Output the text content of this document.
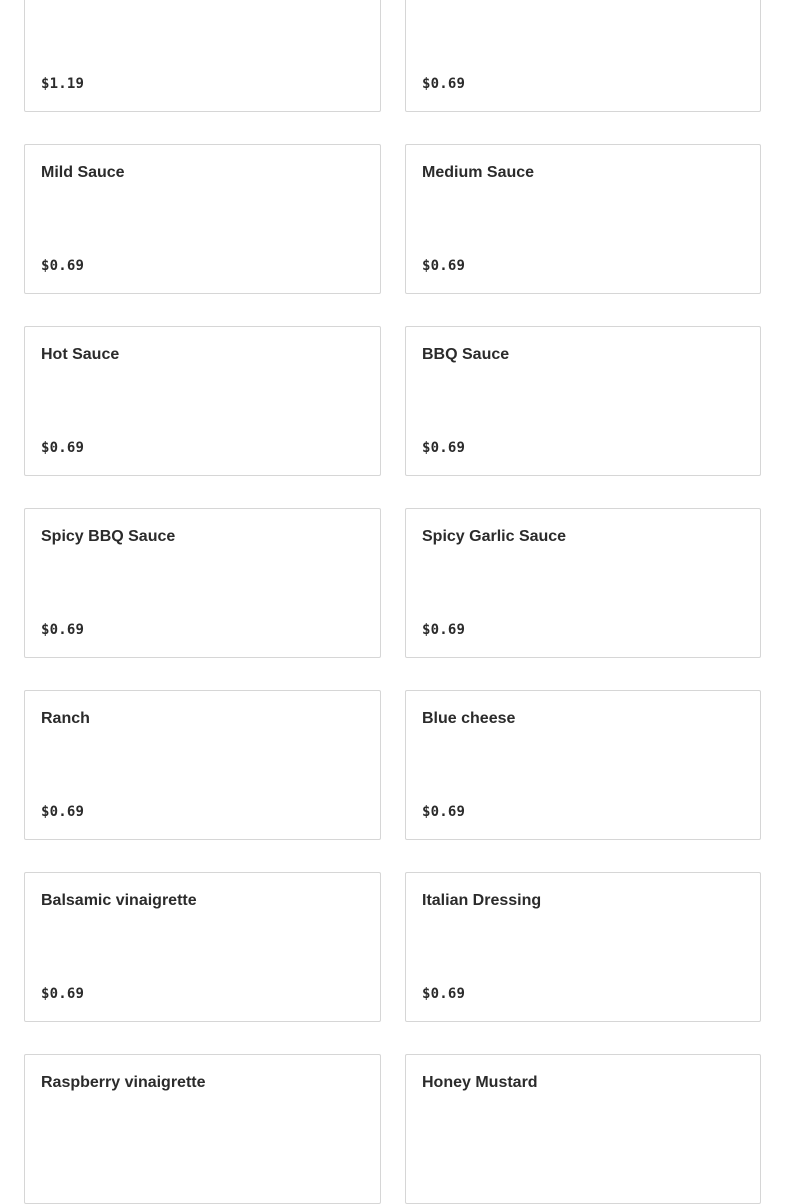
$1.19	$0.69
Mild Sauce
$0.69
Medium Sauce
$0.69
Hot Sauce
$0.69
BBQ Sauce
$0.69
Spicy BBQ Sauce
$0.69
Spicy Garlic Sauce
$0.69
Ranch
$0.69
Blue cheese
$0.69
Balsamic vinaigrette
$0.69
Italian Dressing
$0.69
Raspberry vinaigrette	Honey Mustard
